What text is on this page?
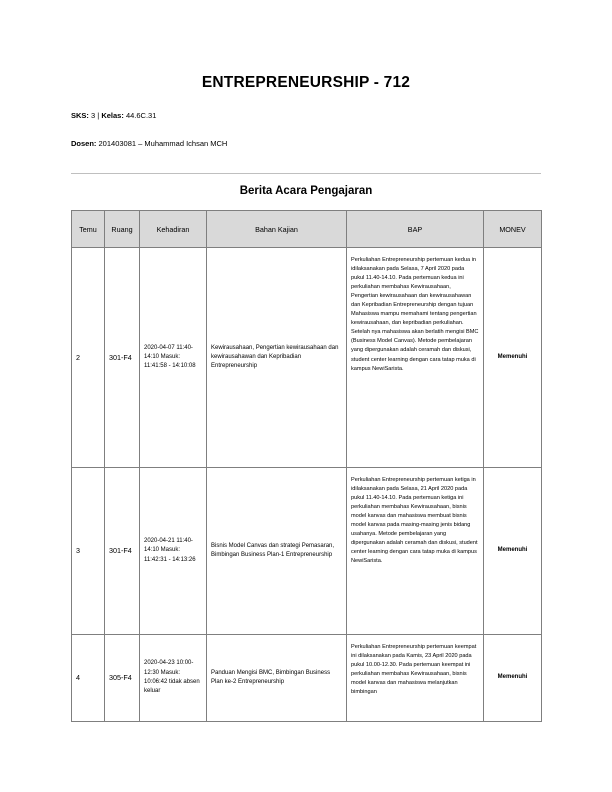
ENTREPRENEURSHIP - 712
SKS: 3 | Kelas: 44.6C.31
Dosen: 201403081 – Muhammad Ichsan MCH
Berita Acara Pengajaran
Temu	Ruang	Kehadiran	Bahan Kajian	BAP	MONEV
2	301-F4	2020-04-07 11:40-14:10 Masuk: 11:41:58 - 14:10:08	Kewirausahaan, Pengertian kewirausahaan dan kewirausahawan dan Kepribadian Entrepreneurship	Perkuliahan Entrepreneurship pertemuan kedua in idilaksanakan pada Selasa, 7 April 2020 pada pukul 11.40-14.10. Pada pertemuan kedua ini perkuliahan membahas Kewirausahaan, Pengertian kewirausahaan dan kewirausahawan dan Kepribadian Entrepreneurship dengan tujuan Mahasiswa mampu memahami tentang pengertian kewirausahaan, dan kepribadian perkuliahan. Setelah nya mahasiswa akan berlatih mengisi BMC (Business Model Canvas). Metode pembelajaran yang dipergunakan adalah ceramah dan diskusi, student center learning dengan cara tatap muka di kampus NewiSarista.	Memenuhi
3	301-F4	2020-04-21 11:40-14:10 Masuk: 11:42:31 - 14:13:26	Bisnis Model Canvas dan strategi Pemasaran, Bimbingan Business Plan-1 Entrepreneurship	Perkuliahan Entrepreneurship pertemuan ketiga in idilaksanakan pada Selasa, 21 April 2020 pada pukul 11.40-14.10. Pada pertemuan ketiga ini perkuliahan membahas Kewirausahaan, bisnis model kanvas dan mahasiswa membuat bisnis model kanvas pada masing-masing jenis bidang usahanya. Metode pembelajaran yang dipergunakan adalah ceramah dan diskusi, student center learning dengan cara tatap muka di kampus NewiSarista.	Memenuhi
4	305-F4	2020-04-23 10:00-12:30 Masuk: 10:06:42 tidak absen keluar	Panduan Mengisi BMC, Bimbingan Business Plan ke-2 Entrepreneurship	Perkuliahan Entrepreneurship pertemuan keempat ini dilaksanakan pada Kamis, 23 April 2020 pada pukul 10.00-12.30. Pada pertemuan keempat ini perkuliahan membahas Kewirausahaan, bisnis model kanvas dan mahasiswa melanjutkan bimbingan	Memenuhi
